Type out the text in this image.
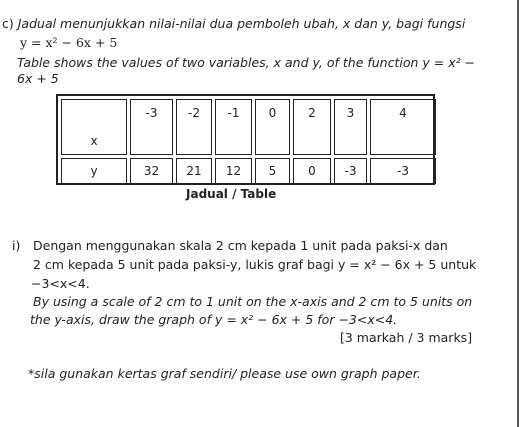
c) Jadual menunjukkan nilai-nilai dua pemboleh ubah, x dan y, bagi fungsi
y = x² − 6x + 5
Table shows the values of two variables, x and y, of the function y = x² −
6x + 5
x	-3	-2	-1	0	2	3	4
y	32	21	12	5	0	-3	-3
Jadual / Table
i) Dengan menggunakan skala 2 cm kepada 1 unit pada paksi-x dan
2 cm kepada 5 unit pada paksi-y, lukis graf bagi y = x² − 6x + 5 untuk
−3<x<4.
By using a scale of 2 cm to 1 unit on the x-axis and 2 cm to 5 units on
the y-axis, draw the graph of y = x² − 6x + 5 for −3<x<4.
[3 markah / 3 marks]
*sila gunakan kertas graf sendiri/ please use own graph paper.
